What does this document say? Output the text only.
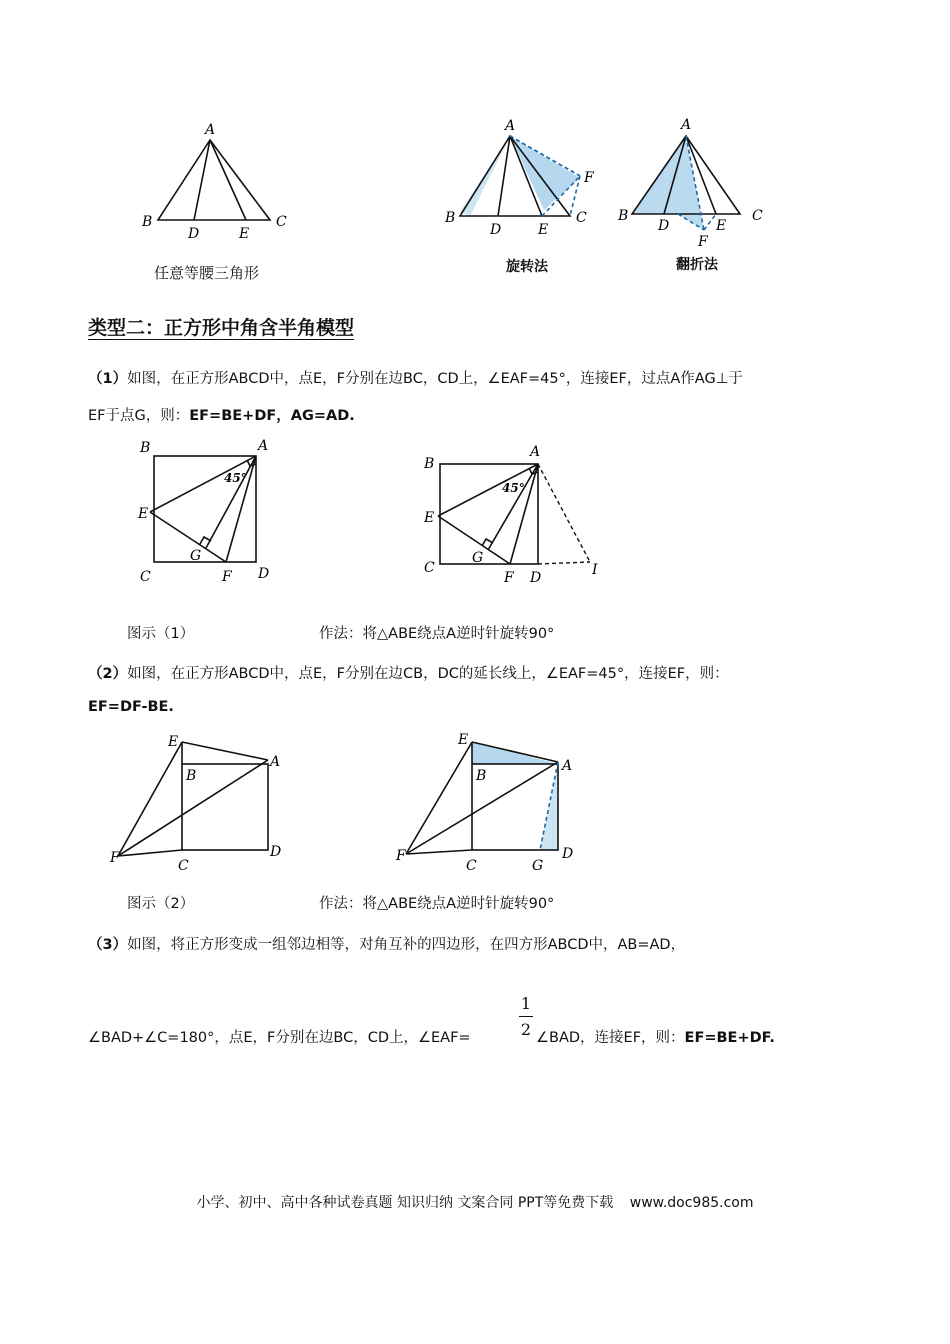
A
B
D	E
C
任意等腰三角形
A
B
D	E
C
F
旋转法
A
B
D	E
C
F
翻折法
类型二：正方形中角含半角模型
（1）如图，在正方形ABCD中，点E，F分别在边BC，CD上，∠EAF=45°，连接EF，过点A作AG⊥于
EF于点G，则：EF=BE+DF，AG=AD.
B	A
45°
E
G
C	F D
B
A
45°
E
G
C
F D	I
图示（1）	作法：将△ABE绕点A逆时针旋转90°
（2）如图，在正方形ABCD中，点E，F分别在边CB，DC的延长线上，∠EAF=45°，连接EF，则：
EF=DF-BE.
E
B
A
F	C
D
E
B
A
F
C	G
D
图示（2）	作法：将△ABE绕点A逆时针旋转90°
（3）如图，将正方形变成一组邻边相等，对角互补的四边形，在四方形ABCD中，AB=AD，
1
2
∠BAD+∠C=180°，点E，F分别在边BC，CD上，∠EAF=	∠BAD，连接EF，则：EF=BE+DF.
小学、初中、高中各种试卷真题 知识归纳 文案合同 PPT等免费下载 www.doc985.com
